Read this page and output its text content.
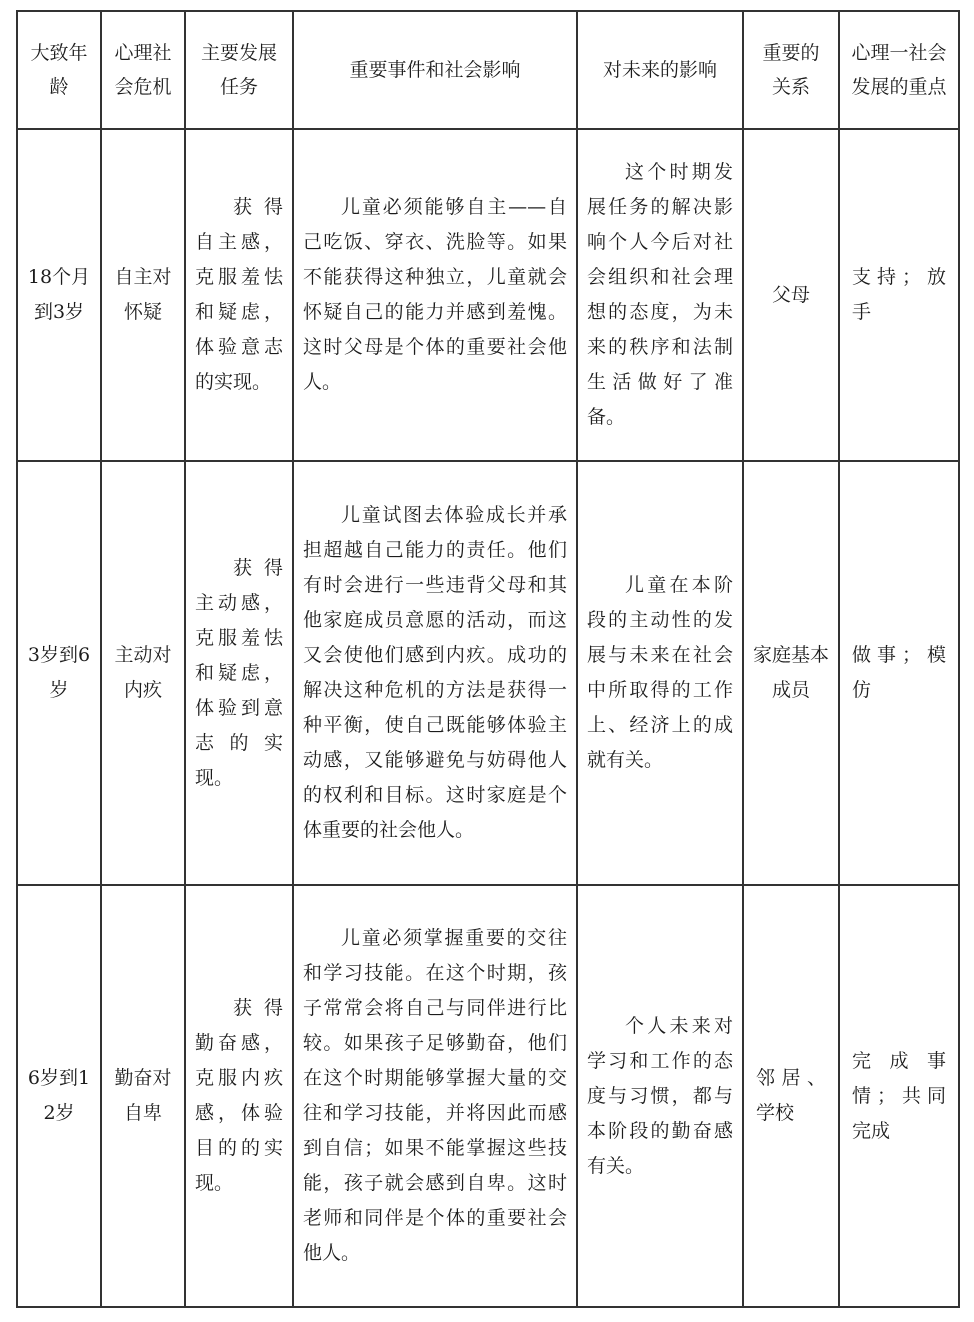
大致年龄	心理社会危机	主要发展任务	重要事件和社会影响	对未来的影响	重要的关系	心理一社会发展的重点

18个月到3岁	自主对怀疑	获得自主感，克服羞怯和疑虑，体验意志的实现。	儿童必须能够自主——自己吃饭、穿衣、洗脸等。如果不能获得这种独立，儿童就会怀疑自己的能力并感到羞愧。这时父母是个体的重要社会他人。	这个时期发展任务的解决影响个人今后对社会组织和社会理想的态度，为未来的秩序和法制生活做好了准备。	父母	支持；放手

3岁到6岁	主动对内疚	获得主动感，克服羞怯和疑虑，体验到意志的实现。	儿童试图去体验成长并承担超越自己能力的责任。他们有时会进行一些违背父母和其他家庭成员意愿的活动，而这又会使他们感到内疚。成功的解决这种危机的方法是获得一种平衡，使自己既能够体验主动感，又能够避免与妨碍他人的权利和目标。这时家庭是个体重要的社会他人。	儿童在本阶段的主动性的发展与未来在社会中所取得的工作上、经济上的成就有关。	家庭基本成员	做事；模仿

6岁到12岁	勤奋对自卑	获得勤奋感，克服内疚感，体验目的的实现。	儿童必须掌握重要的交往和学习技能。在这个时期，孩子常常会将自己与同伴进行比较。如果孩子足够勤奋，他们在这个时期能够掌握大量的交往和学习技能，并将因此而感到自信；如果不能掌握这些技能，孩子就会感到自卑。这时老师和同伴是个体的重要社会他人。	个人未来对学习和工作的态度与习惯，都与本阶段的勤奋感有关。	邻居、学校	完成事情；共同完成
